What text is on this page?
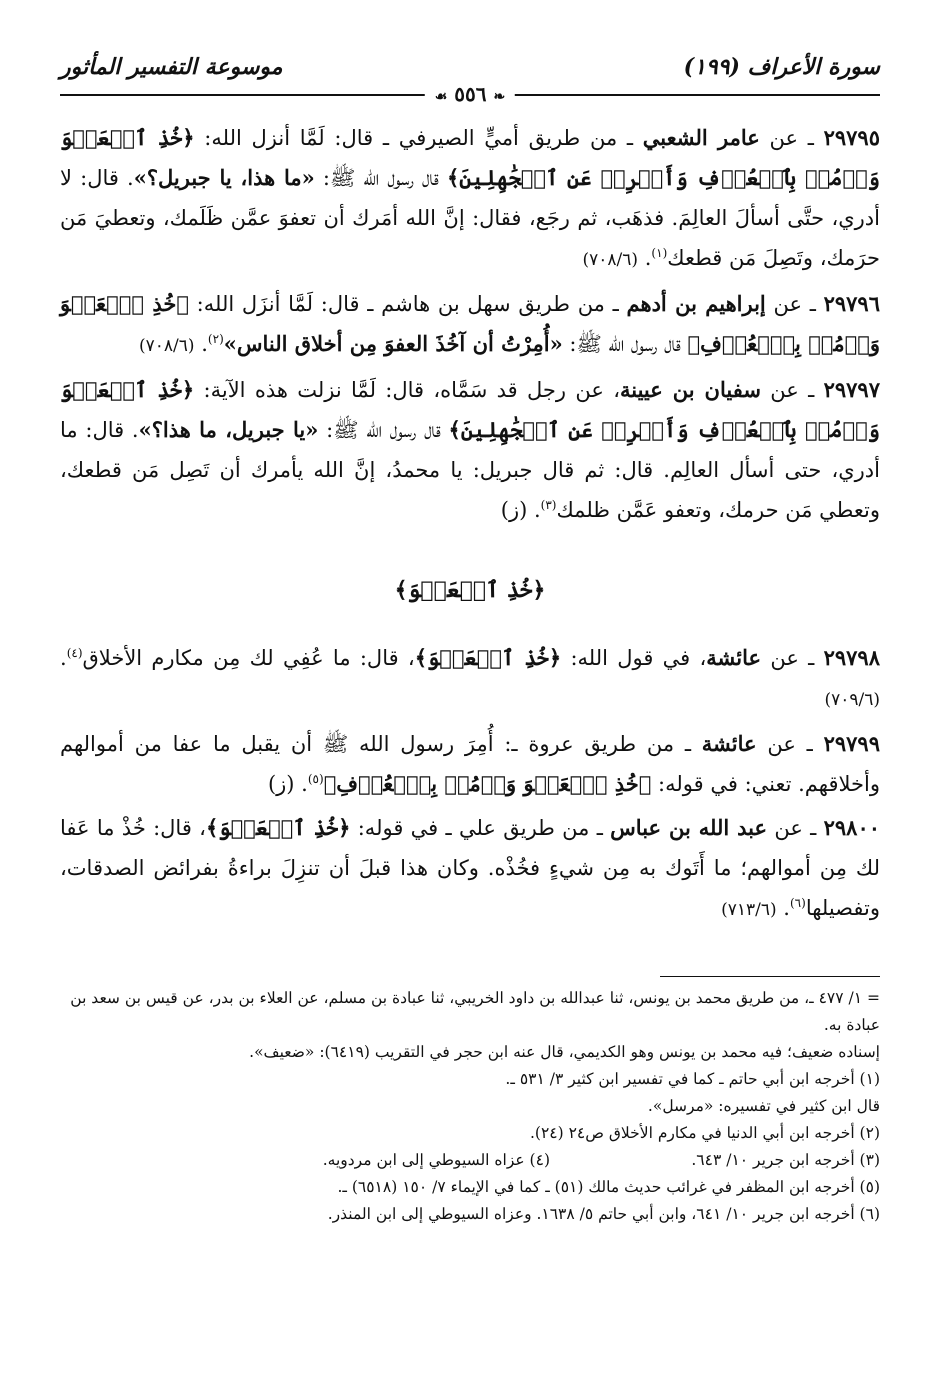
سورة الأعراف (١٩٩)
موسوعة التفسير المأثور
❧ ٥٥٦ ☙

٢٩٧٩٥ ـ عن عامر الشعبي ـ من طريق أميٍّ الصيرفي ـ قال: لَمَّا أنزل الله: ﴿خُذِ ٱلۡعَفۡوَ وَأۡمُرۡ بِٱلۡعُرۡفِ وَأَعۡرِضۡ عَنِ ٱلۡجَٰهِلِينَ﴾ قال رسول الله ﷺ: «ما هذا، يا جبريل؟». قال: لا أدري، حتَّى أسألَ العالِمَ. فذهَب، ثم رجَع، فقال: إنَّ الله أمَرك أن تعفوَ عمَّن ظَلَمك، وتعطيَ مَن حرَمك، وتَصِلَ مَن قطعك$^{(١)}$. (٧٠٨/٦)

٢٩٧٩٦ ـ عن إبراهيم بن أدهم ـ من طريق سهل بن هاشم ـ قال: لَمَّا أنزَل الله: ﴿خُذِ ٱلۡعَفۡوَ وَأۡمُرۡ بِٱلۡعُرۡفِ﴾ قال رسول الله ﷺ: «أُمِرْتُ أن آخُذَ العفوَ مِن أخلاق الناس»$^{(٢)}$. (٧٠٨/٦)

٢٩٧٩٧ ـ عن سفيان بن عيينة، عن رجل قد سَمَّاه، قال: لَمَّا نزلت هذه الآية: ﴿خُذِ ٱلۡعَفۡوَ وَأۡمُرۡ بِٱلۡعُرۡفِ وَأَعۡرِضۡ عَنِ ٱلۡجَٰهِلِينَ﴾ قال رسول الله ﷺ: «يا جبريل، ما هذا؟». قال: ما أدري، حتى أسأل العالِم. قال: ثم قال جبريل: يا محمدُ، إنَّ الله يأمرك أن تَصِل مَن قطعك، وتعطي مَن حرمك، وتعفو عَمَّن ظلمك$^{(٣)}$. (ز)

﴿خُذِ ٱلۡعَفۡوَ﴾

٢٩٧٩٨ ـ عن عائشة، في قول الله: ﴿خُذِ ٱلۡعَفۡوَ﴾، قال: ما عُفِي لك مِن مكارم الأخلاق$^{(٤)}$. (٧٠٩/٦)

٢٩٧٩٩ ـ عن عائشة ـ من طريق عروة ـ: أُمِرَ رسول الله ﷺ أن يقبل ما عفا من أموالهم وأخلاقهم. تعني: في قوله: ﴿خُذِ ٱلۡعَفۡوَ وَأۡمُرۡ بِٱلۡعُرۡفِ﴾$^{(٥)}$. (ز)

٢٩٨٠٠ ـ عن عبد الله بن عباس ـ من طريق علي ـ في قوله: ﴿خُذِ ٱلۡعَفۡوَ﴾، قال: خُذْ ما عَفا لك مِن أموالهم؛ ما أَتَوك به مِن شيءٍ فخُذْه. وكان هذا قبلَ أن تنزِلَ براءةُ بفرائض الصدقات، وتفصيلها$^{(٦)}$. (٧١٣/٦)

= ١/ ٤٧٧ ـ، من طريق محمد بن يونس، ثنا عبدالله بن داود الخريبي، ثنا عبادة بن مسلم، عن العلاء بن بدر، عن قيس بن سعد بن عبادة به.

إسناده ضعيف؛ فيه محمد بن يونس وهو الكديمي، قال عنه ابن حجر في التقريب (٦٤١٩): «ضعيف».

(١) أخرجه ابن أبي حاتم ـ كما في تفسير ابن كثير ٣/ ٥٣١ ـ.

قال ابن كثير في تفسيره: «مرسل».

(٢) أخرجه ابن أبي الدنيا في مكارم الأخلاق ص٢٤ (٢٤).

(٣) أخرجه ابن جرير ١٠/ ٦٤٣.
(٤) عزاه السيوطي إلى ابن مردويه.

(٥) أخرجه ابن المظفر في غرائب حديث مالك (٥١) ـ كما في الإيماء ٧/ ١٥٠ (٦٥١٨) ـ.

(٦) أخرجه ابن جرير ١٠/ ٦٤١، وابن أبي حاتم ٥/ ١٦٣٨. وعزاه السيوطي إلى ابن المنذر.
